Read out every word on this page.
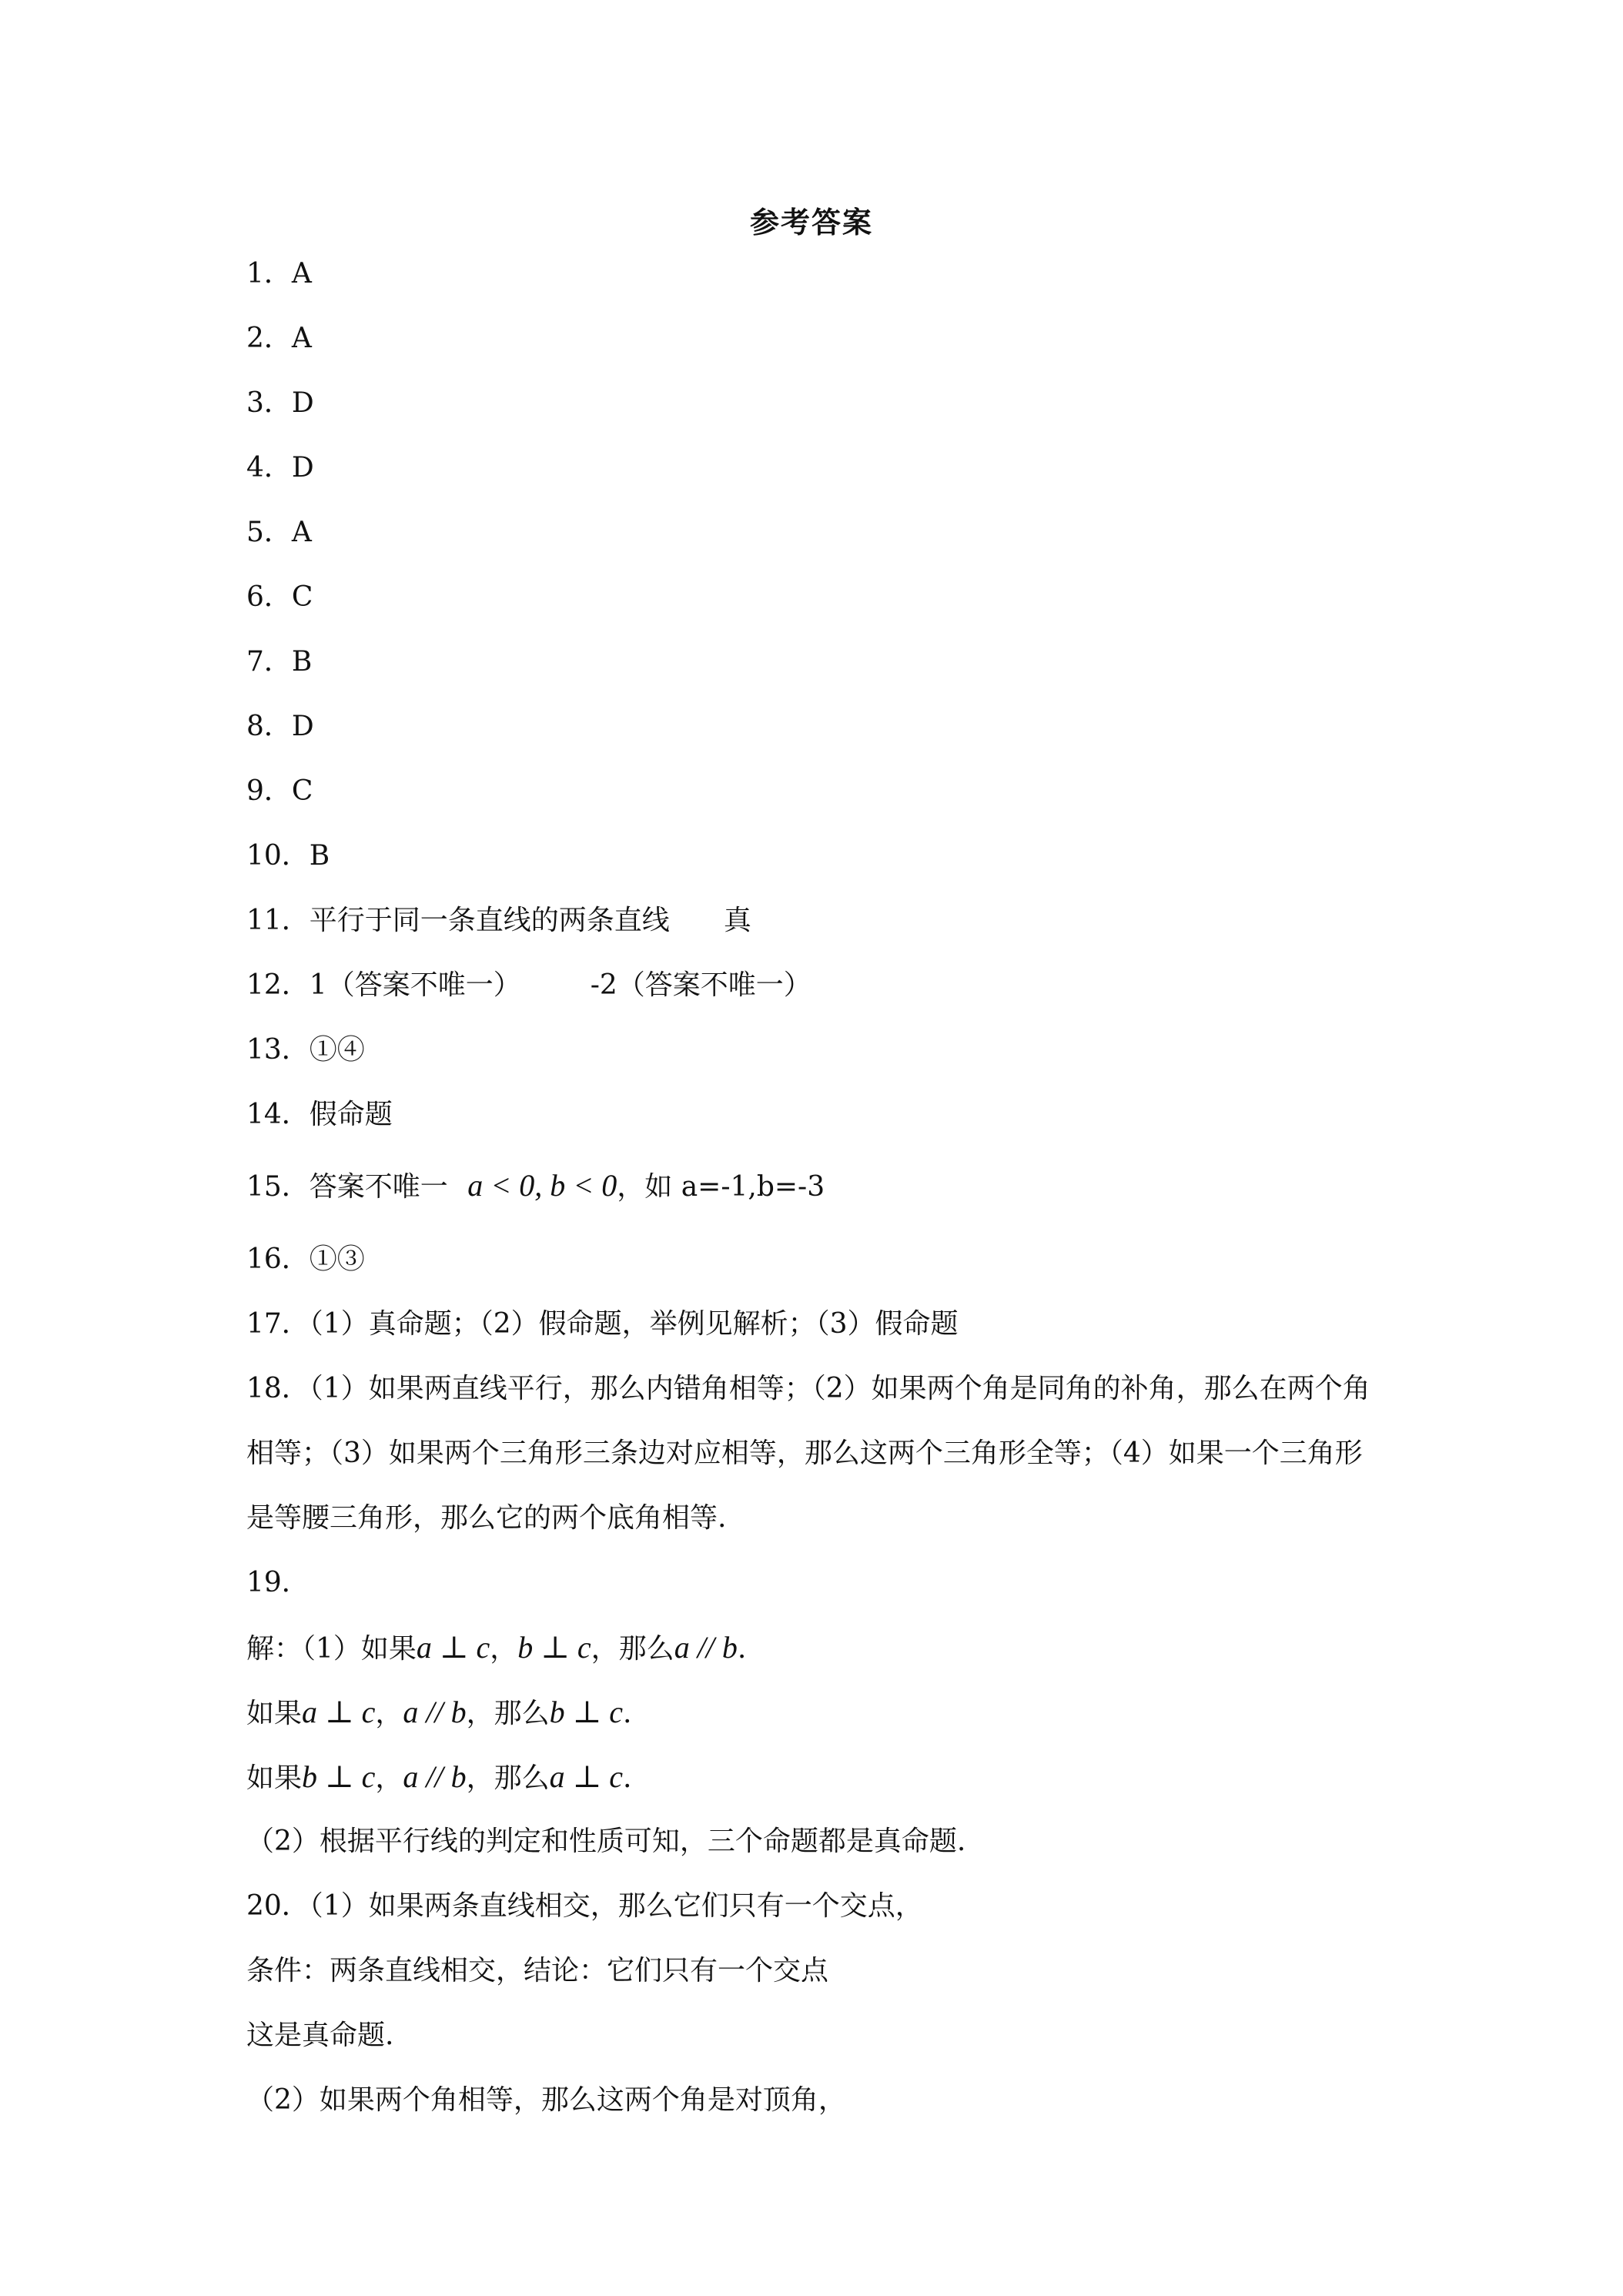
参考答案
1．A
2．A
3．D
4．D
5．A
6．C
7．B
8．D
9．C
10．B
11．平行于同一条直线的两条直线 真
12．1（答案不唯一）	-2（答案不唯一）
13．①④
14．假命题
15．答案不唯一 a < 0, b < 0，如 a=-1,b=-3
16．①③
17．（1）真命题；（2）假命题，举例见解析；（3）假命题
18．（1）如果两直线平行，那么内错角相等；（2）如果两个角是同角的补角，那么在两个角
相等；（3）如果两个三角形三条边对应相等，那么这两个三角形全等；（4）如果一个三角形
是等腰三角形，那么它的两个底角相等.
19．
解：（1）如果a ⊥ c，b ⊥ c，那么a // b.
如果a ⊥ c，a // b，那么b ⊥ c.
如果b ⊥ c，a // b，那么a ⊥ c.
（2）根据平行线的判定和性质可知，三个命题都是真命题.
20．（1）如果两条直线相交，那么它们只有一个交点，
条件：两条直线相交，结论：它们只有一个交点
这是真命题.
（2）如果两个角相等，那么这两个角是对顶角，
